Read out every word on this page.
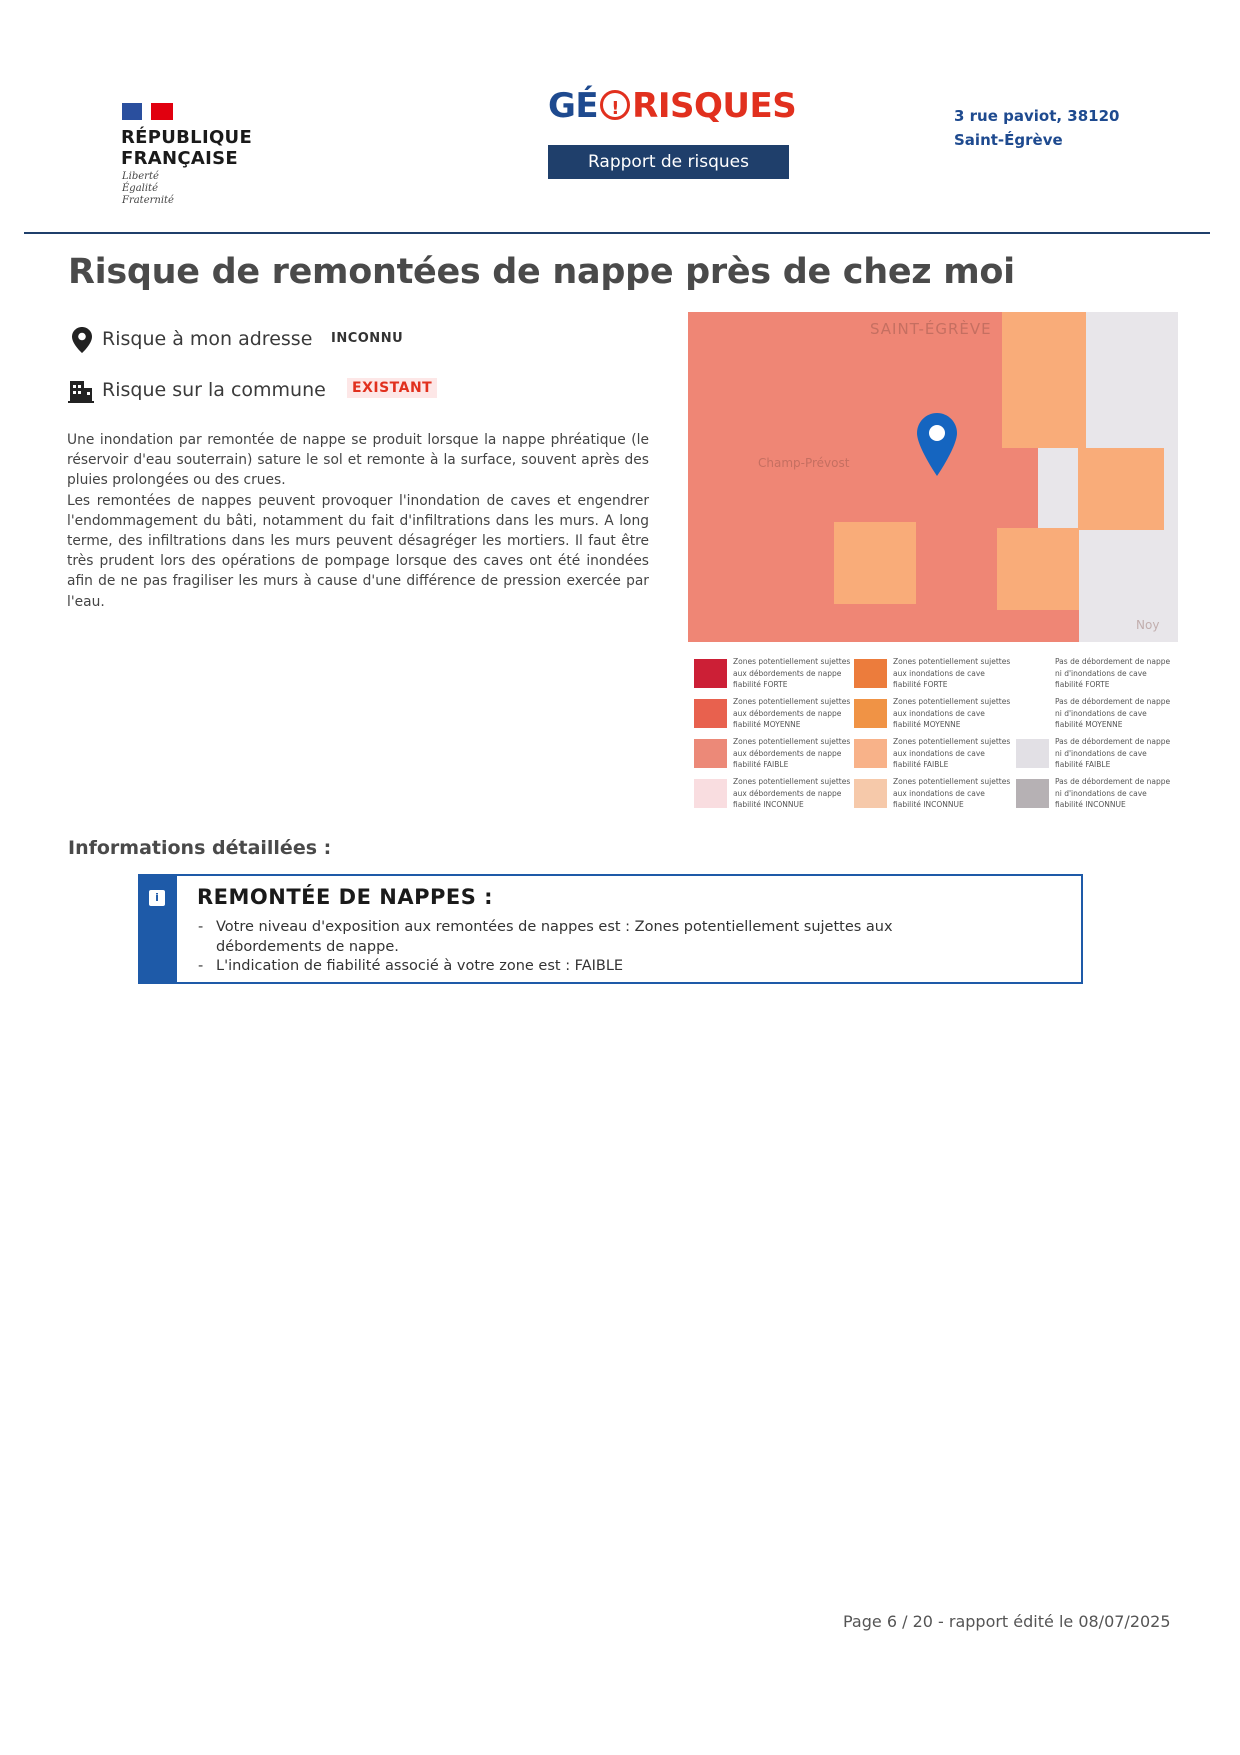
RÉPUBLIQUE
FRANÇAISE
Liberté
Égalité
Fraternité
GÉ! RISQUES
Rapport de risques
3 rue paviot, 38120 Saint-Égrève
Risque de remontées de nappe près de chez moi
Risque à mon adresse INCONNU
Risque sur la commune	EXISTANT

Une inondation par remontée de nappe se produit lorsque la nappe phréatique (le réservoir d'eau souterrain) sature le sol et remonte à la surface, souvent après des pluies prolongées ou des crues.

Les remontées de nappes peuvent provoquer l'inondation de caves et engendrer l'endommagement du bâti, notamment du fait d'infiltrations dans les murs. A long terme, des infiltrations dans les murs peuvent désagréger les mortiers. Il faut être très prudent lors des opérations de pompage lorsque des caves ont été inondées afin de ne pas fragiliser les murs à cause d'une différence de pression exercée par l'eau.

SAINT-ÉGRÈVE
Champ-Prévost
Noy
Zones potentiellement sujettes aux débordements de nappe fiabilité FORTE
Zones potentiellement sujettes aux inondations de cave fiabilité FORTE
Pas de débordement de nappe ni d'inondations de cave fiabilité FORTE
Zones potentiellement sujettes aux débordements de nappe fiabilité MOYENNE
Zones potentiellement sujettes aux inondations de cave fiabilité MOYENNE
Pas de débordement de nappe ni d'inondations de cave fiabilité MOYENNE
Zones potentiellement sujettes aux débordements de nappe fiabilité FAIBLE
Zones potentiellement sujettes aux inondations de cave fiabilité FAIBLE
Pas de débordement de nappe ni d'inondations de cave fiabilité FAIBLE
Zones potentiellement sujettes aux débordements de nappe fiabilité INCONNUE
Zones potentiellement sujettes aux inondations de cave fiabilité INCONNUE
Pas de débordement de nappe ni d'inondations de cave fiabilité INCONNUE
Informations détaillées :
i REMONTÉE DE NAPPES :
- Votre niveau d'exposition aux remontées de nappes est : Zones potentiellement sujettes aux débordements de nappe.
- L'indication de fiabilité associé à votre zone est : FAIBLE
Page 6 / 20 - rapport édité le 08/07/2025
